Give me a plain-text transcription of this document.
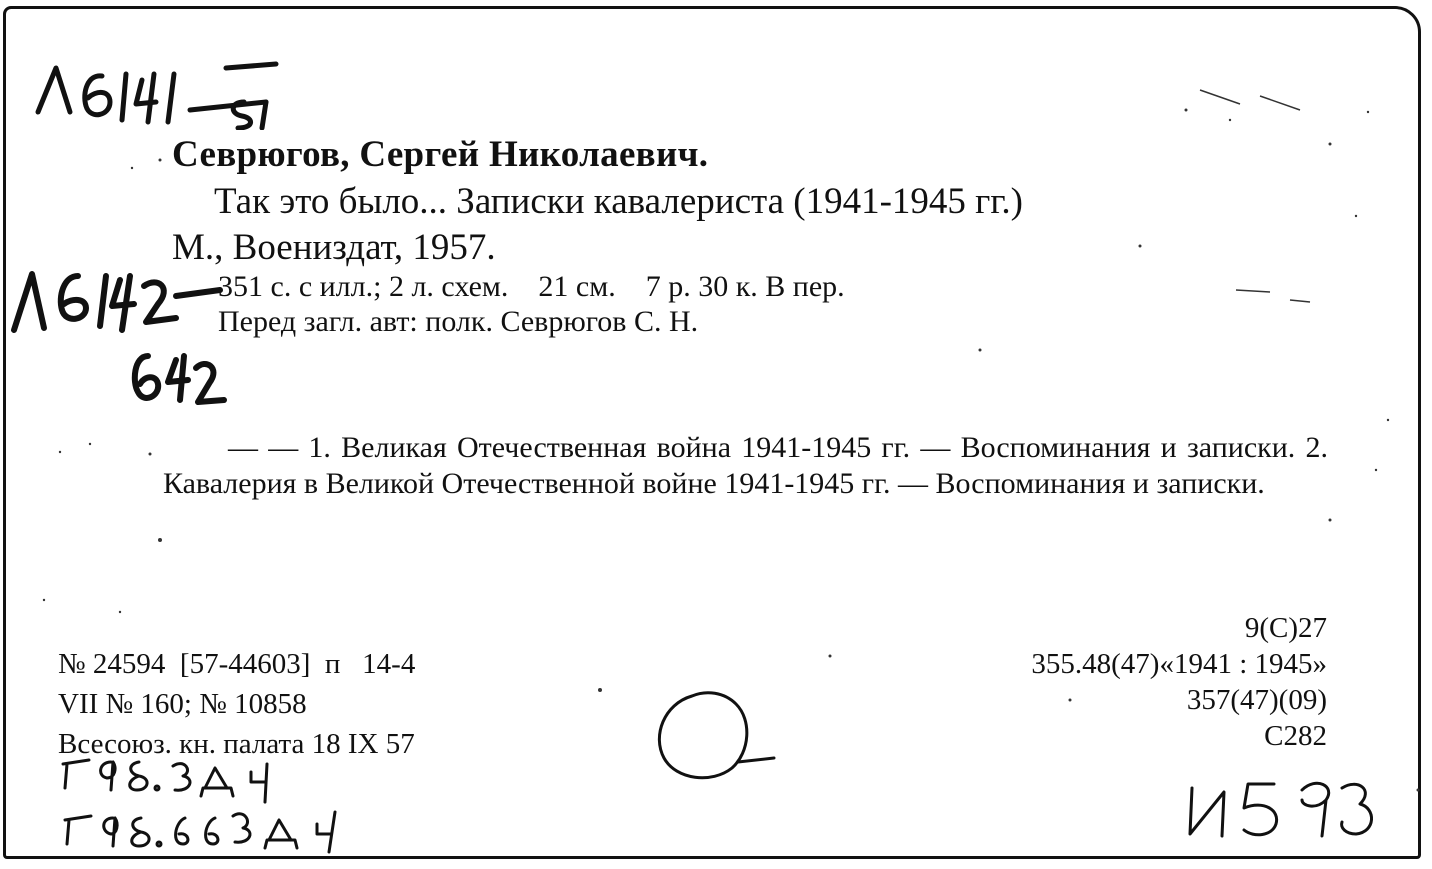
Севрюгов, Сергей Николаевич.
Так это было... Записки кавалериста (1941-1945 гг.)
М., Воениздат, 1957.
351 с. с илл.; 2 л. схем.    21 см.    7 р. 30 к. В пер.
Перед загл. авт: полк. Севрюгов С. Н.
— — 1. Великая Отечественная война 1941-1945 гг. — Воспоминания и записки. 2. Кавалерия в Великой Отечественной войне 1941-1945 гг. — Воспоминания и записки.
№ 24594  [57-44603]  п   14-4
VII № 160; № 10858
Всесоюз. кн. палата 18 IX 57
9(С)27
355.48(47)«1941 : 1945»
357(47)(09)
С282
